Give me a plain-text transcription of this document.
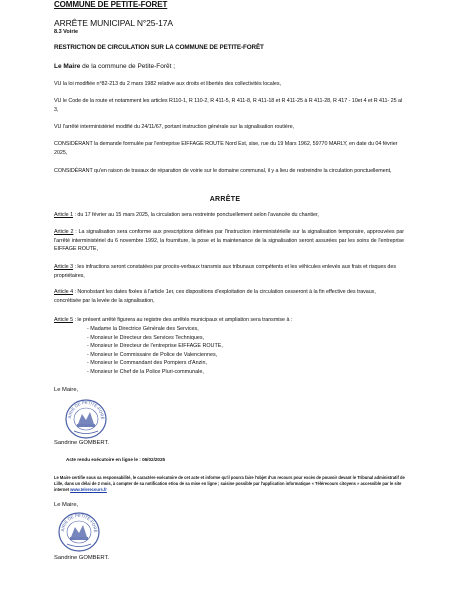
COMMUNE DE PETITE-FORET
ARRÊTE MUNICIPAL N°25-17A
8.3 Voirie
RESTRICTION DE CIRCULATION SUR LA COMMUNE DE PETITE-FORÊT
Le Maire de la commune de Petite-Forêt ;
VU la loi modifiée n°82-213 du 2 mars 1982 relative aux droits et libertés des collectivités locales,
VU le Code de la route et notamment les articles R110-1, R 110-2, R 411-5, R 411-8, R 411-18 et R 411-25 à R 411-28, R 417 - 10et 4 et R 411- 25 al 3,
VU l'arrêté interministériel modifié du 24/11/67, portant instruction générale sur la signalisation routière,
CONSIDÉRANT la demande formulée par l'entreprise EIFFAGE ROUTE Nord Est, sise, rue du 19 Mars 1962, 59770 MARLY, en date du 04 février 2025,
CONSIDÉRANT qu'en raison de travaux de réparation de voirie sur le domaine communal, il y a lieu de restreindre la circulation ponctuellement,
ARRÊTE
Article 1 : du 17 février au 15 mars 2025, la circulation sera restreinte ponctuellement selon l'avancée du chantier,
Article 2 : La signalisation sera conforme aux prescriptions définies par l'instruction interministérielle sur la signalisation temporaire, approuvées par l'arrêté interministériel du 6 novembre 1992, la fourniture, la pose et la maintenance de la signalisation seront assurées par les soins de l'entreprise EIFFAGE ROUTE,
Article 3 : les infractions seront constatées par procès-verbaux transmis aux tribunaux compétents et les véhicules enlevés aux frais et risques des propriétaires,
Article 4 : Nonobstant les dates fixées à l'article 1er, ces dispositions d'exploitation de la circulation cesseront à la fin effective des travaux, concrétisée par la levée de la signalisation,
Article 5 : le présent arrêté figurera au registre des arrêtés municipaux et ampliation sera transmise à :
- Madame la Directrice Générale des Services,
- Monsieur le Directeur des Services Techniques,
- Monsieur le Directeur de l'entreprise EIFFAGE ROUTE,
- Monsieur le Commissaire de Police de Valenciennes,
- Monsieur le Commandant des Pompiers d'Anzin,
- Monsieur le Chef de la Police Pluri-communale,
Le Maire,
AIRIE DE PETITE-FORÊ
Sandrine GOMBERT.
Acte rendu exécutoire en ligne le : 06/02/2025
Le Maire certifie sous sa responsabilité, le caractère exécutoire de cet acte et informe qu'il pourra faire l'objet d'un recours pour excès de pouvoir devant le Tribunal administratif de Lille, dans un délai de 2 mois, à compter de sa notification et/ou de sa mise en ligne ; saisine possible par l'application informatique « Télérecours citoyens » accessible par le site internet www.telerecours.fr
Le Maire,
AIRIE DE PETITE-FORÊ
Sandrine GOMBERT.
